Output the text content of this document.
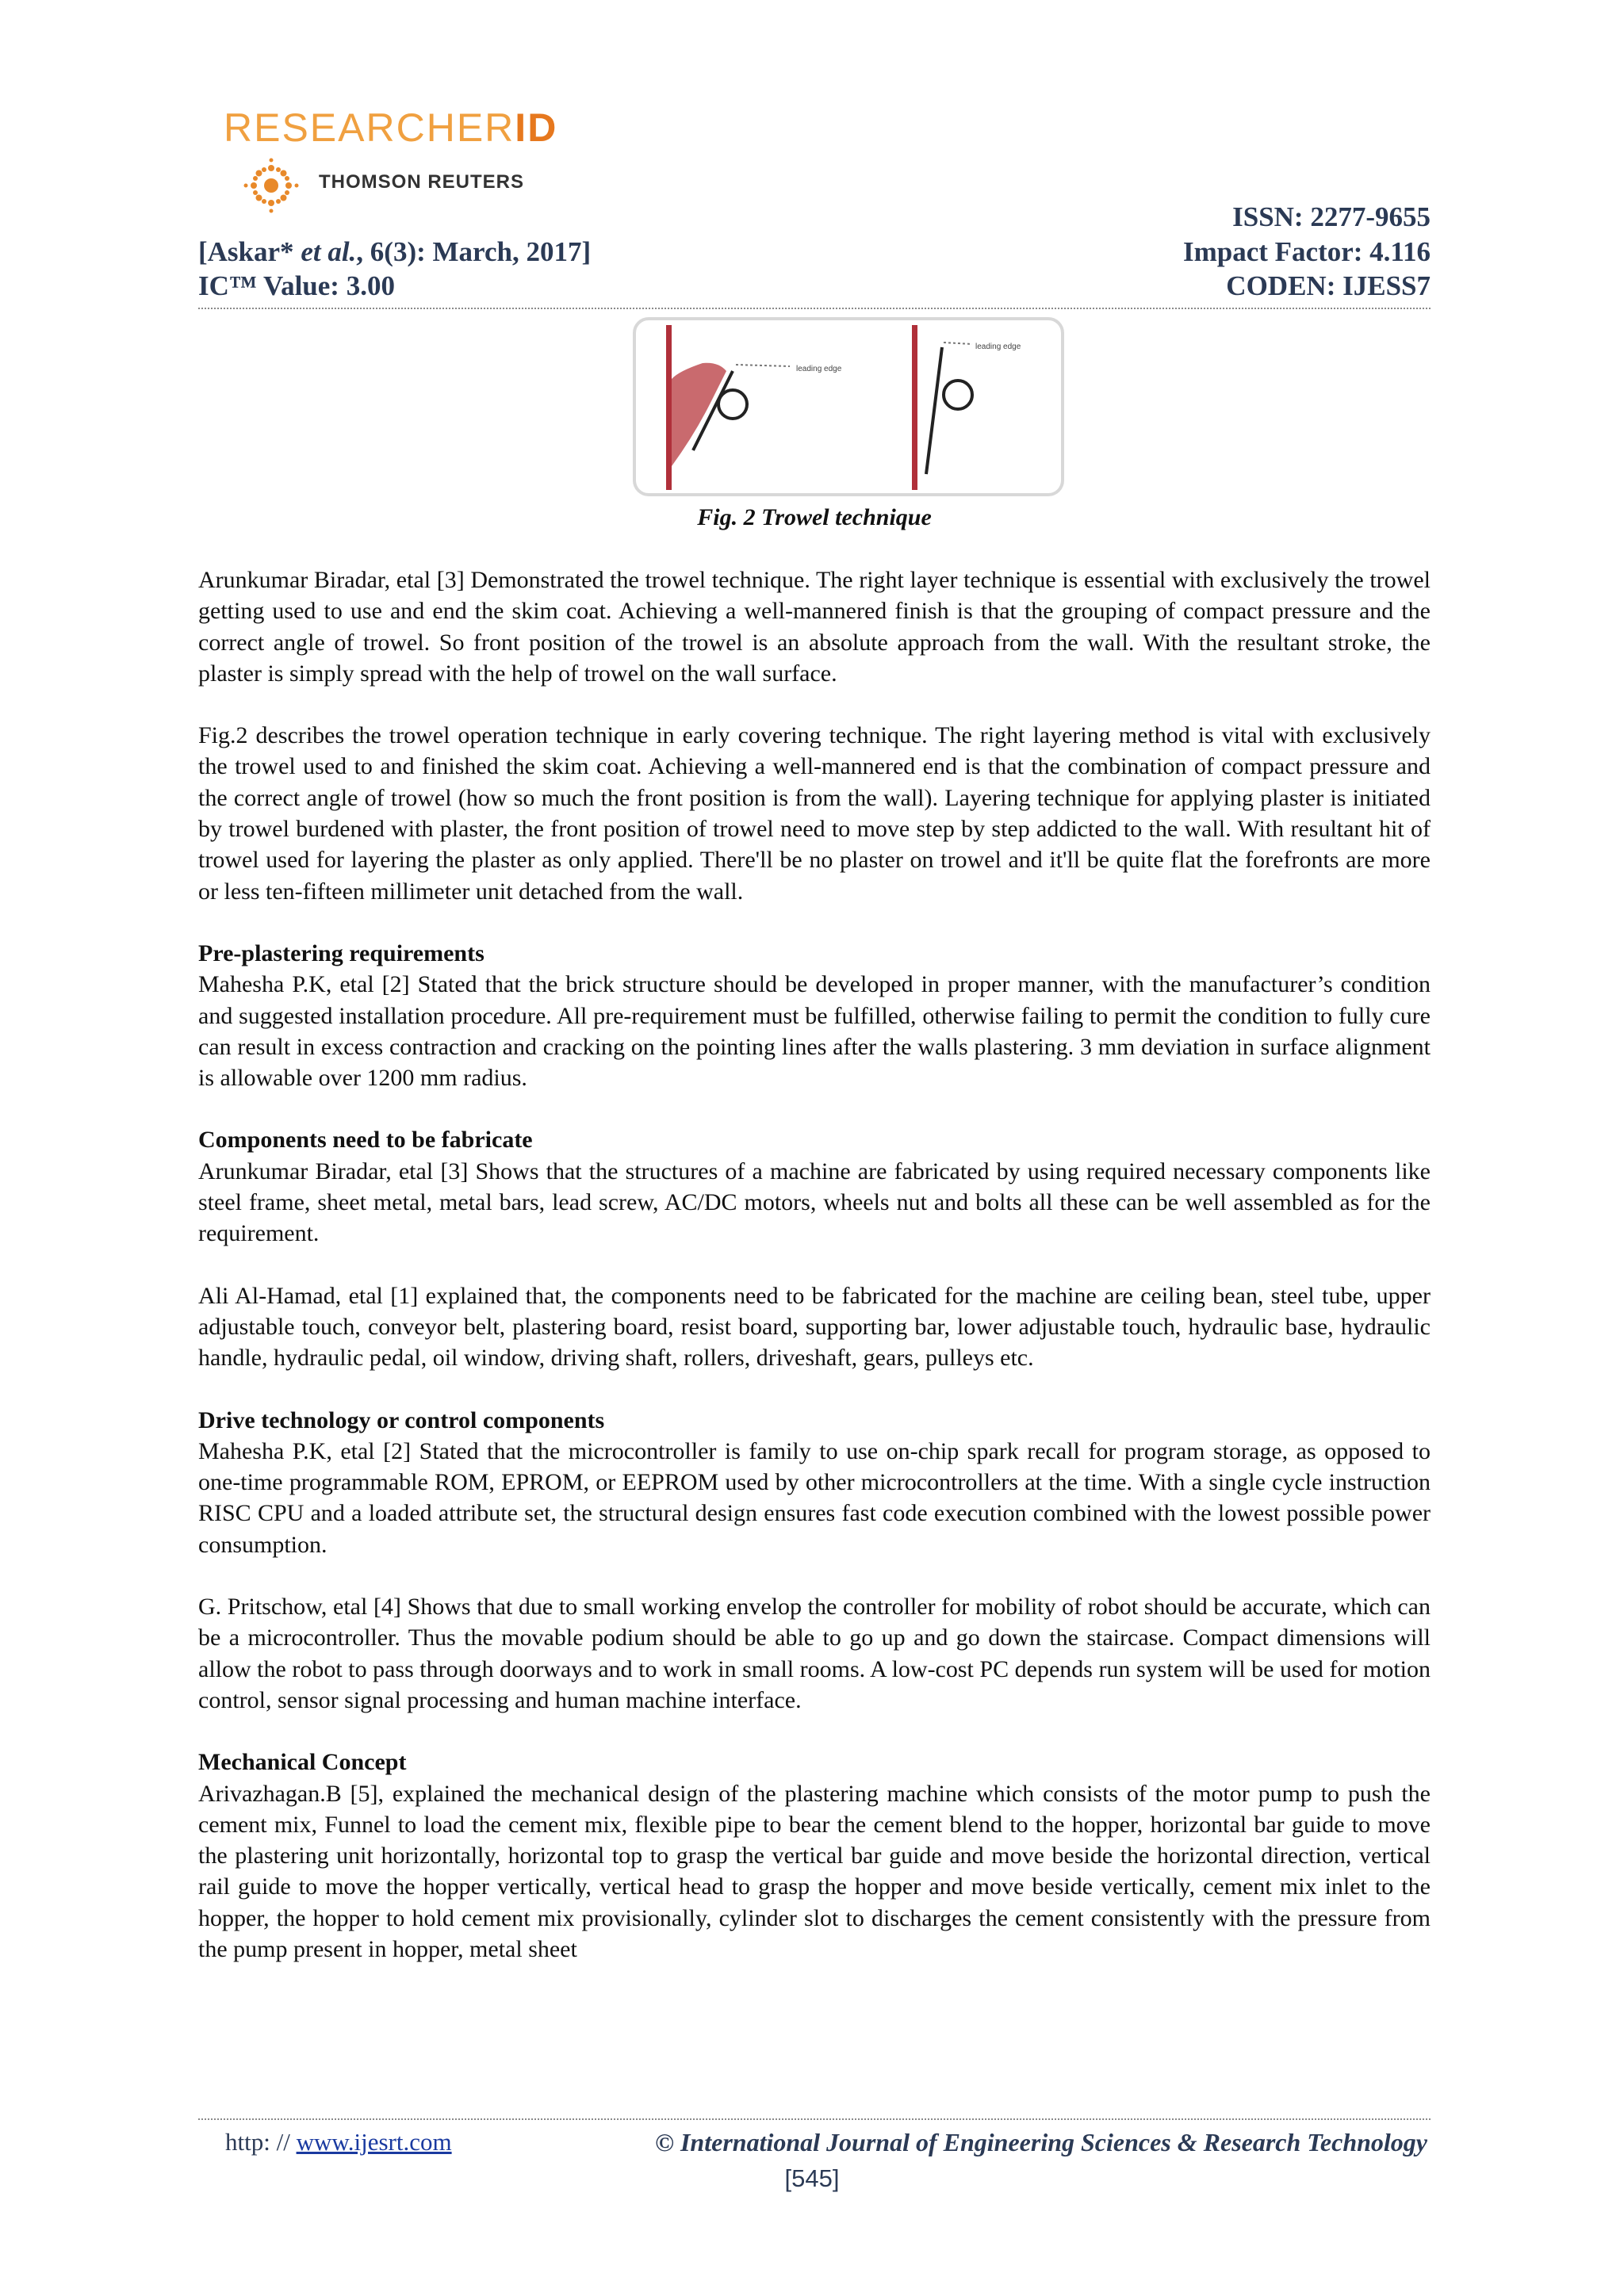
RESEARCHERID
THOMSON REUTERS
ISSN: 2277-9655
[Askar* et al., 6(3): March, 2017]	Impact Factor: 4.116
IC™ Value: 3.00	CODEN: IJESS7
leading edge
leading edge
Fig. 2 Trowel technique

Arunkumar Biradar, etal [3] Demonstrated the trowel technique. The right layer technique is essential with exclusively the trowel getting used to use and end the skim coat. Achieving a well-mannered finish is that the grouping of compact pressure and the correct angle of trowel. So front position of the trowel is an absolute approach from the wall. With the resultant stroke, the plaster is simply spread with the help of trowel on the wall surface.

Fig.2 describes the trowel operation technique in early covering technique. The right layering method is vital with exclusively the trowel used to and finished the skim coat. Achieving a well-mannered end is that the combination of compact pressure and the correct angle of trowel (how so much the front position is from the wall). Layering technique for applying plaster is initiated by trowel burdened with plaster, the front position of trowel need to move step by step addicted to the wall. With resultant hit of trowel used for layering the plaster as only applied. There'll be no plaster on trowel and it'll be quite flat the forefronts are more or less ten-fifteen millimeter unit detached from the wall.

Pre-plastering requirements

Mahesha P.K, etal [2] Stated that the brick structure should be developed in proper manner, with the manufacturer’s condition and suggested installation procedure. All pre-requirement must be fulfilled, otherwise failing to permit the condition to fully cure can result in excess contraction and cracking on the pointing lines after the walls plastering. 3 mm deviation in surface alignment is allowable over 1200 mm radius.

Components need to be fabricate

Arunkumar Biradar, etal [3] Shows that the structures of a machine are fabricated by using required necessary components like steel frame, sheet metal, metal bars, lead screw, AC/DC motors, wheels nut and bolts all these can be well assembled as for the requirement.

Ali Al-Hamad, etal [1] explained that, the components need to be fabricated for the machine are ceiling bean, steel tube, upper adjustable touch, conveyor belt, plastering board, resist board, supporting bar, lower adjustable touch, hydraulic base, hydraulic handle, hydraulic pedal, oil window, driving shaft, rollers, driveshaft, gears, pulleys etc.

Drive technology or control components

Mahesha P.K, etal [2] Stated that the microcontroller is family to use on-chip spark recall for program storage, as opposed to one-time programmable ROM, EPROM, or EEPROM used by other microcontrollers at the time. With a single cycle instruction RISC CPU and a loaded attribute set, the structural design ensures fast code execution combined with the lowest possible power consumption.

G. Pritschow, etal [4] Shows that due to small working envelop the controller for mobility of robot should be accurate, which can be a microcontroller. Thus the movable podium should be able to go up and go down the staircase. Compact dimensions will allow the robot to pass through doorways and to work in small rooms. A low-cost PC depends run system will be used for motion control, sensor signal processing and human machine interface.

Mechanical Concept

Arivazhagan.B [5], explained the mechanical design of the plastering machine which consists of the motor pump to push the cement mix, Funnel to load the cement mix, flexible pipe to bear the cement blend to the hopper, horizontal bar guide to move the plastering unit horizontally, horizontal top to grasp the vertical bar guide and move beside the horizontal direction, vertical rail guide to move the hopper vertically, vertical head to grasp the hopper and move beside vertically, cement mix inlet to the hopper, the hopper to hold cement mix provisionally, cylinder slot to discharges the cement consistently with the pressure from the pump present in hopper, metal sheet

http: // www.ijesrt.com	© International Journal of Engineering Sciences & Research Technology
[545]
